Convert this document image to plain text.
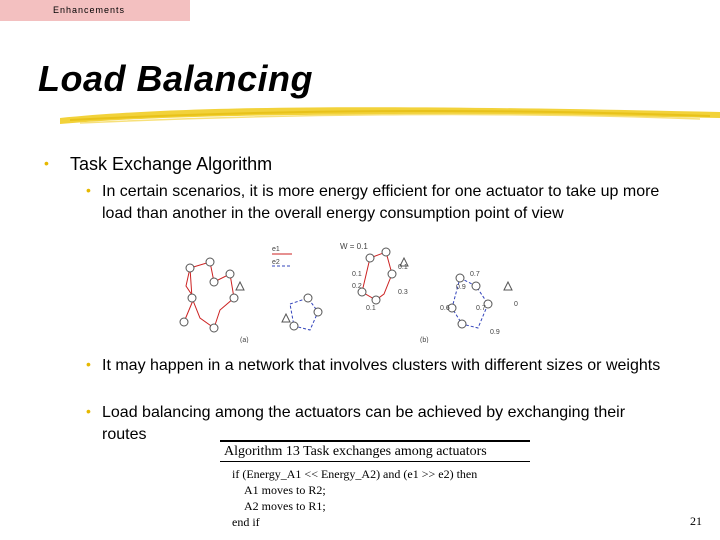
Enhancements
Load Balancing
• Task Exchange Algorithm
• In certain scenarios, it is more energy efficient for one actuator to take up more load than another in the overall energy consumption point of view
e1
e2
W = 0.1
(a)	(b)
0.1
0.1
0.2
0.3
0.1
0.9
0.7
0.6	0.7
0
0.9
• It may happen in a network that involves clusters with different sizes or weights
• Load balancing among the actuators can be achieved by exchanging their routes
Algorithm 13 Task exchanges among actuators
if (Energy_A1 << Energy_A2) and (e1 >> e2) then
A1 moves to R2;
A2 moves to R1;
end if	21
